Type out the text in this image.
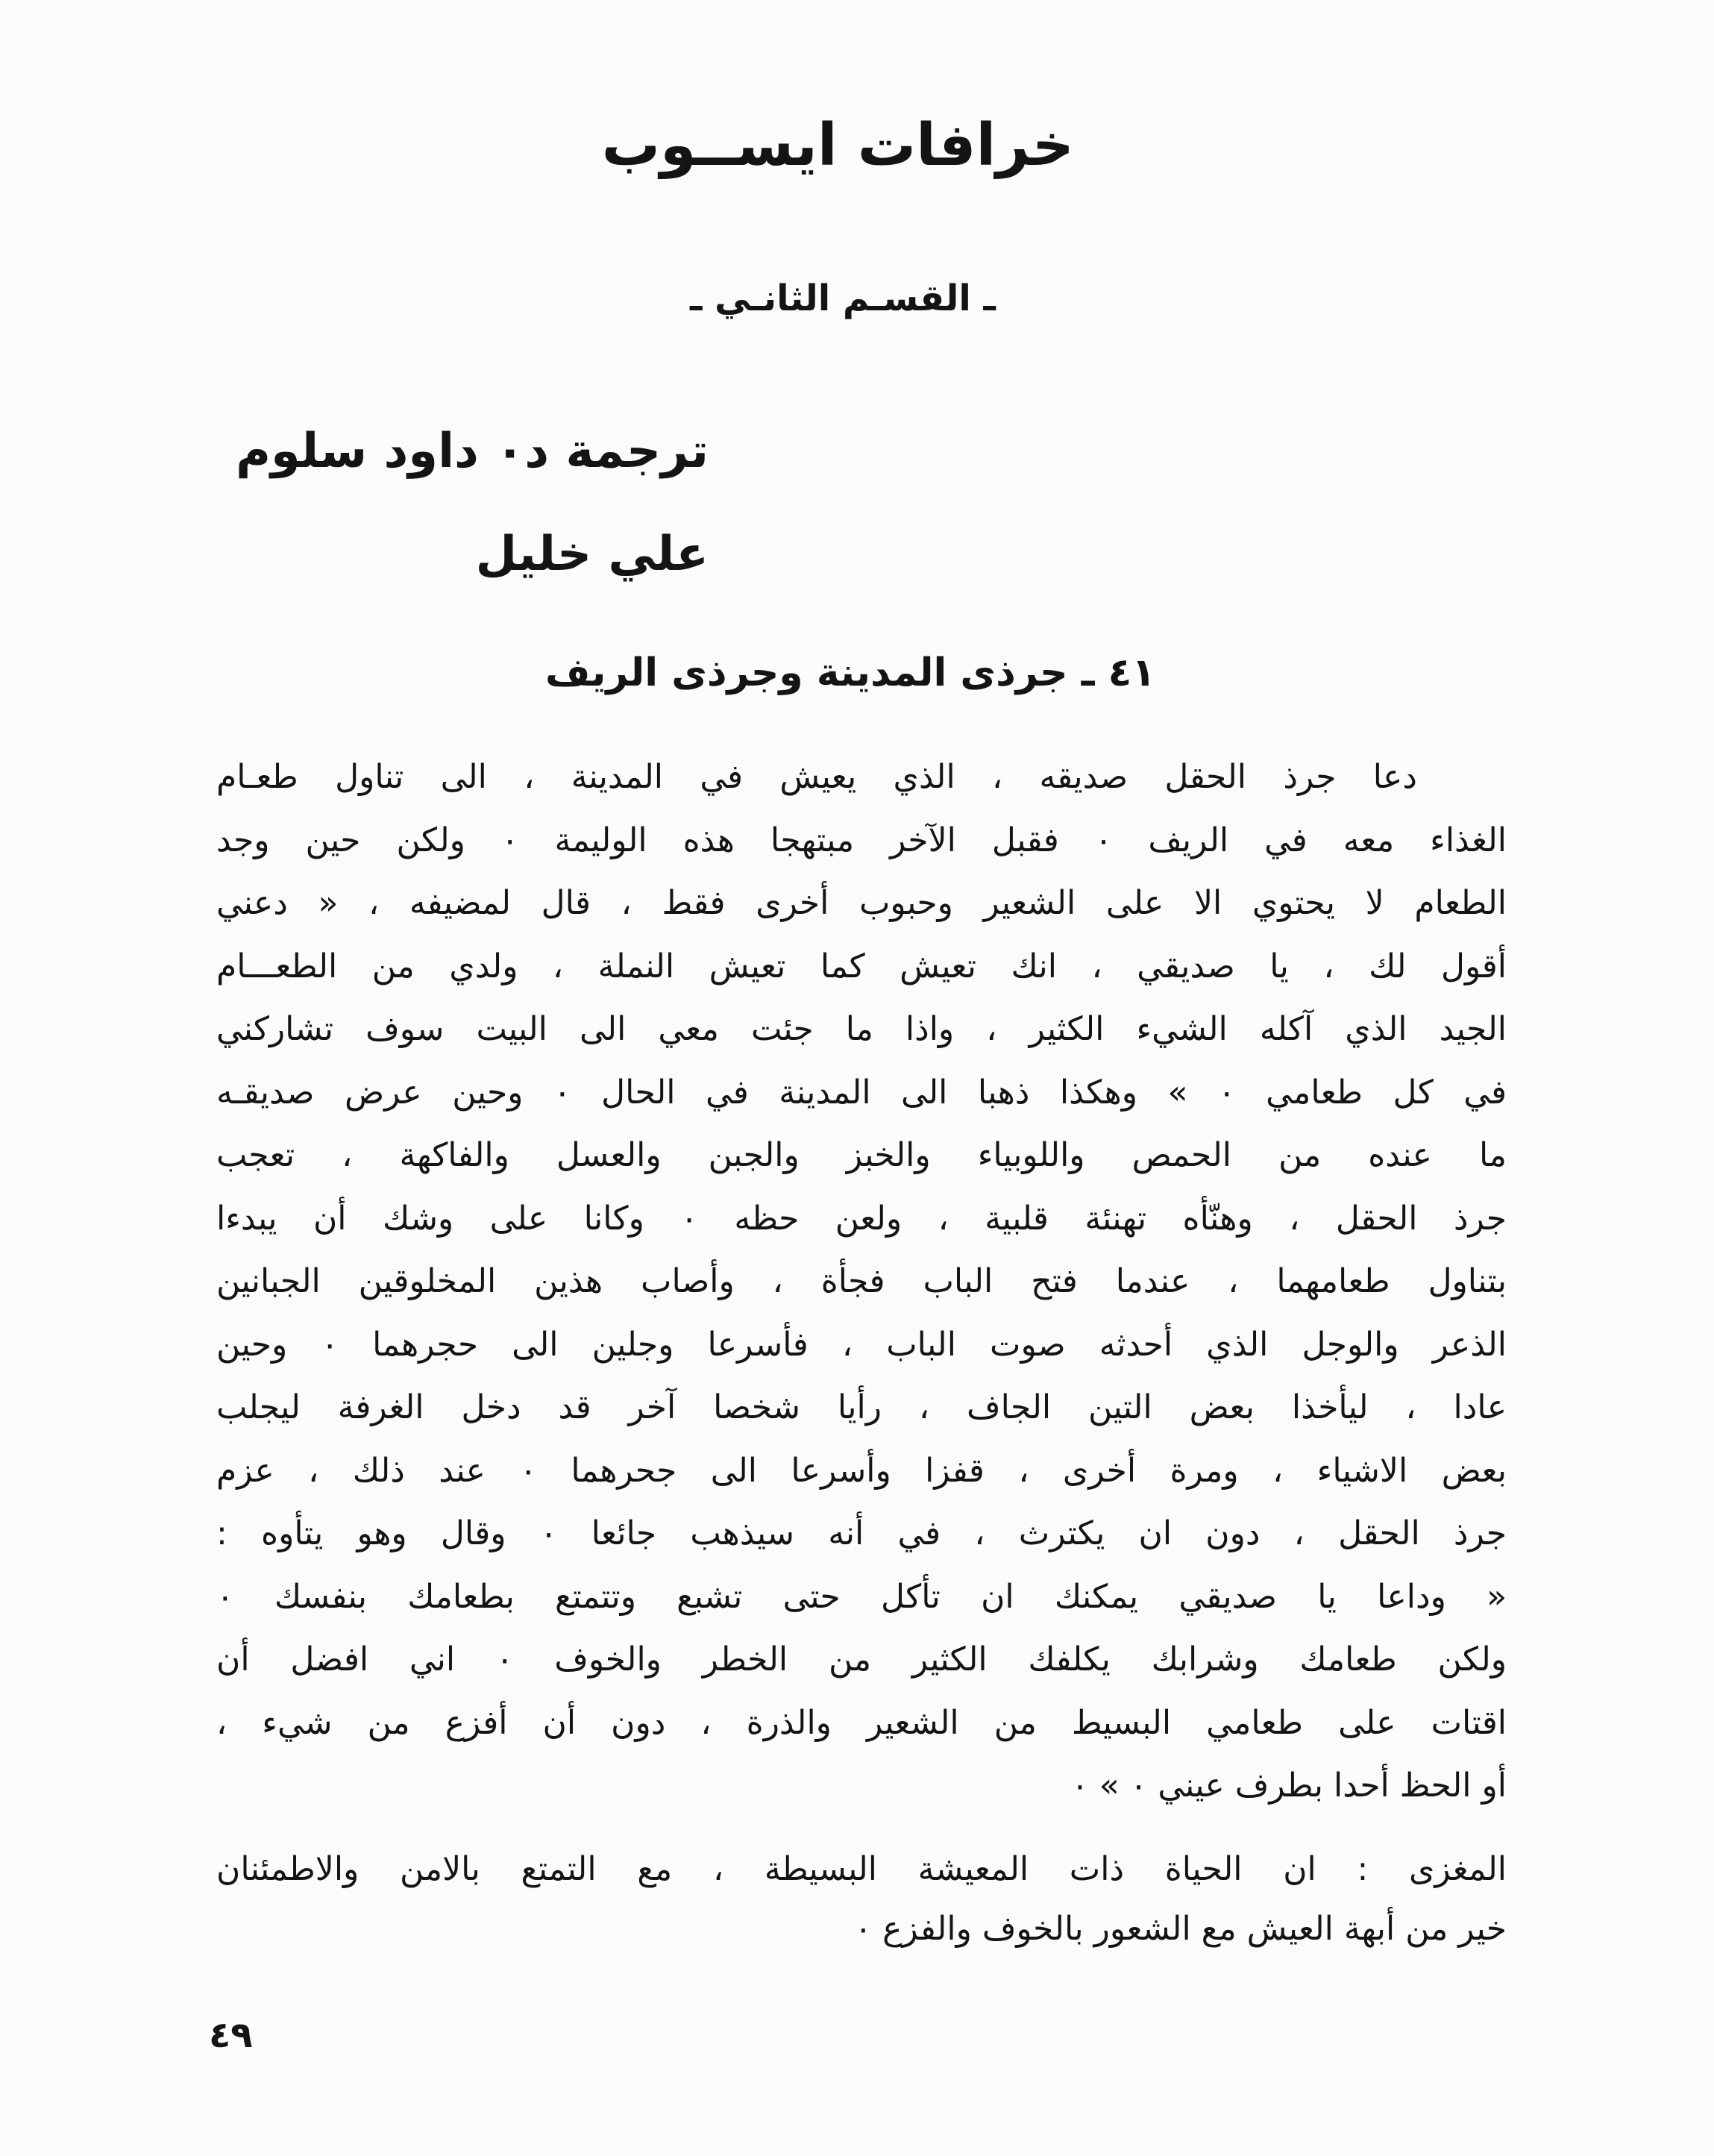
خرافات ايســوب
ـ القسـم الثانـي ـ
ترجمة د٠ داود سلوم
علي خليل
٤١ ـ جرذى المدينة وجرذى الريف
دعا جرذ الحقل صديقه ، الذي يعيش في المدينة ، الى تناول طعـام
الغذاء معه في الريف ٠ فقبل الآخر مبتهجا هذه الوليمة ٠ ولكن حين وجد
الطعام لا يحتوي الا على الشعير وحبوب أخرى فقط ، قال لمضيفه ، « دعني
أقول لك ، يا صديقي ، انك تعيش كما تعيش النملة ، ولدي من الطعـــام
الجيد الذي آكله الشيء الكثير ، واذا ما جئت معي الى البيت سوف تشاركني
في كل طعامي ٠ » وهكذا ذهبا الى المدينة في الحال ٠ وحين عرض صديقـه
ما عنده من الحمص واللوبياء والخبز والجبن والعسل والفاكهة ، تعجب
جرذ الحقل ، وهنّأه تهنئة قلبية ، ولعن حظه ٠ وكانا على وشك أن يبدءا
بتناول طعامهما ، عندما فتح الباب فجأة ، وأصاب هذين المخلوقين الجبانين
الذعر والوجل الذي أحدثه صوت الباب ، فأسرعا وجلين الى حجرهما ٠ وحين
عادا ، ليأخذا بعض التين الجاف ، رأيا شخصا آخر قد دخل الغرفة ليجلب
بعض الاشياء ، ومرة أخرى ، قفزا وأسرعا الى جحرهما ٠ عند ذلك ، عزم
جرذ الحقل ، دون ان يكترث ، في أنه سيذهب جائعا ٠ وقال وهو يتأوه :
« وداعا يا صديقي يمكنك ان تأكل حتى تشبع وتتمتع بطعامك بنفسك ٠
ولكن طعامك وشرابك يكلفك الكثير من الخطر والخوف ٠ اني افضل أن
اقتات على طعامي البسيط من الشعير والذرة ، دون أن أفزع من شيء ،
أو الحظ أحدا بطرف عيني ٠ » ٠
المغزى : ان الحياة ذات المعيشة البسيطة ، مع التمتع بالامن والاطمئنان
خير من أبهة العيش مع الشعور بالخوف والفزع ٠
٤٩
